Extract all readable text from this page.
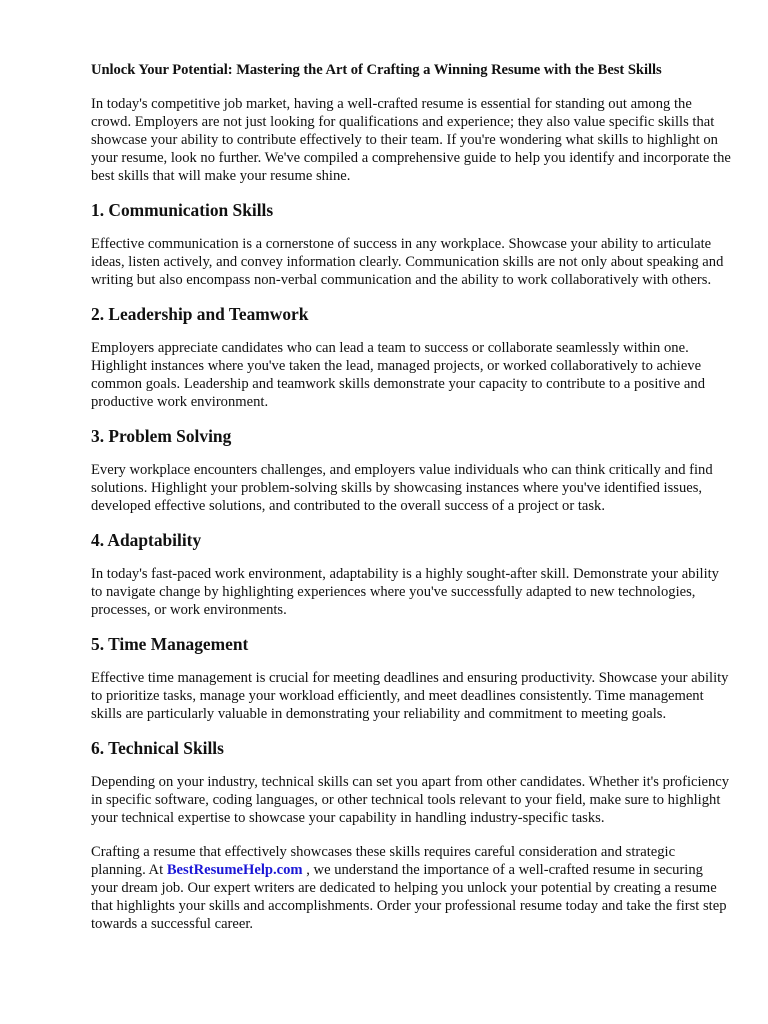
Unlock Your Potential: Mastering the Art of Crafting a Winning Resume with the Best Skills

In today's competitive job market, having a well-crafted resume is essential for standing out among the crowd. Employers are not just looking for qualifications and experience; they also value specific skills that showcase your ability to contribute effectively to their team. If you're wondering what skills to highlight on your resume, look no further. We've compiled a comprehensive guide to help you identify and incorporate the best skills that will make your resume shine.

1. Communication Skills

Effective communication is a cornerstone of success in any workplace. Showcase your ability to articulate ideas, listen actively, and convey information clearly. Communication skills are not only about speaking and writing but also encompass non-verbal communication and the ability to work collaboratively with others.

2. Leadership and Teamwork

Employers appreciate candidates who can lead a team to success or collaborate seamlessly within one. Highlight instances where you've taken the lead, managed projects, or worked collaboratively to achieve common goals. Leadership and teamwork skills demonstrate your capacity to contribute to a positive and productive work environment.

3. Problem Solving

Every workplace encounters challenges, and employers value individuals who can think critically and find solutions. Highlight your problem-solving skills by showcasing instances where you've identified issues, developed effective solutions, and contributed to the overall success of a project or task.

4. Adaptability

In today's fast-paced work environment, adaptability is a highly sought-after skill. Demonstrate your ability to navigate change by highlighting experiences where you've successfully adapted to new technologies, processes, or work environments.

5. Time Management

Effective time management is crucial for meeting deadlines and ensuring productivity. Showcase your ability to prioritize tasks, manage your workload efficiently, and meet deadlines consistently. Time management skills are particularly valuable in demonstrating your reliability and commitment to meeting goals.

6. Technical Skills

Depending on your industry, technical skills can set you apart from other candidates. Whether it's proficiency in specific software, coding languages, or other technical tools relevant to your field, make sure to highlight your technical expertise to showcase your capability in handling industry-specific tasks.

Crafting a resume that effectively showcases these skills requires careful consideration and strategic planning. At BestResumeHelp.com , we understand the importance of a well-crafted resume in securing your dream job. Our expert writers are dedicated to helping you unlock your potential by creating a resume that highlights your skills and accomplishments. Order your professional resume today and take the first step towards a successful career.
